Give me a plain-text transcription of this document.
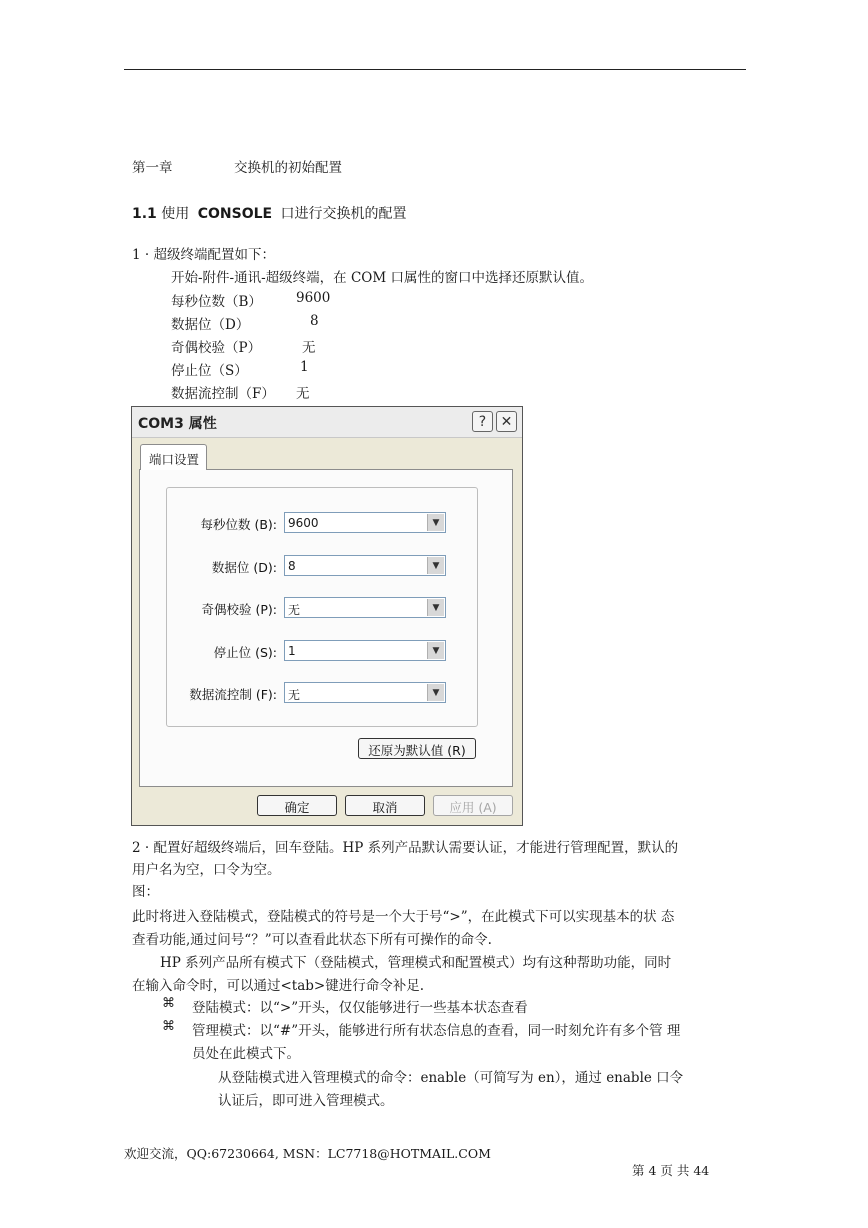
第一章	交换机的初始配置
1.1 使用 CONSOLE 口进行交换机的配置
1 · 超级终端配置如下：
开始-附件-通讯-超级终端，在 COM 口属性的窗口中选择还原默认值。
每秒位数（B）	9600
数据位（D）	8
奇偶校验（P）	无
停止位（S）	1
数据流控制（F） 无
COM3 属性	?	✕
端口设置
每秒位数 (B): 9600	▼
数据位 (D): 8	▼
奇偶校验 (P): 无	▼
停止位 (S): 1	▼
数据流控制 (F): 无	▼
还原为默认值 (R)
确定	取消	应用 (A)
2 · 配置好超级终端后，回车登陆。HP 系列产品默认需要认证，才能进行管理配置，默认的
用户名为空，口令为空。
图：
此时将进入登陆模式，登陆模式的符号是一个大于号“>”，在此模式下可以实现基本的状 态
查看功能,通过问号“？”可以查看此状态下所有可操作的命令.
HP 系列产品所有模式下（登陆模式，管理模式和配置模式）均有这种帮助功能，同时
在输入命令时，可以通过<tab>键进行命令补足.
⌘ 登陆模式：以“>”开头，仅仅能够进行一些基本状态查看
⌘ 管理模式：以“#”开头，能够进行所有状态信息的查看，同一时刻允许有多个管 理
员处在此模式下。
从登陆模式进入管理模式的命令：enable（可简写为 en），通过 enable 口令
认证后，即可进入管理模式。
欢迎交流，QQ:67230664, MSN：LC7718@HOTMAIL.COM
第 4 页 共 44
